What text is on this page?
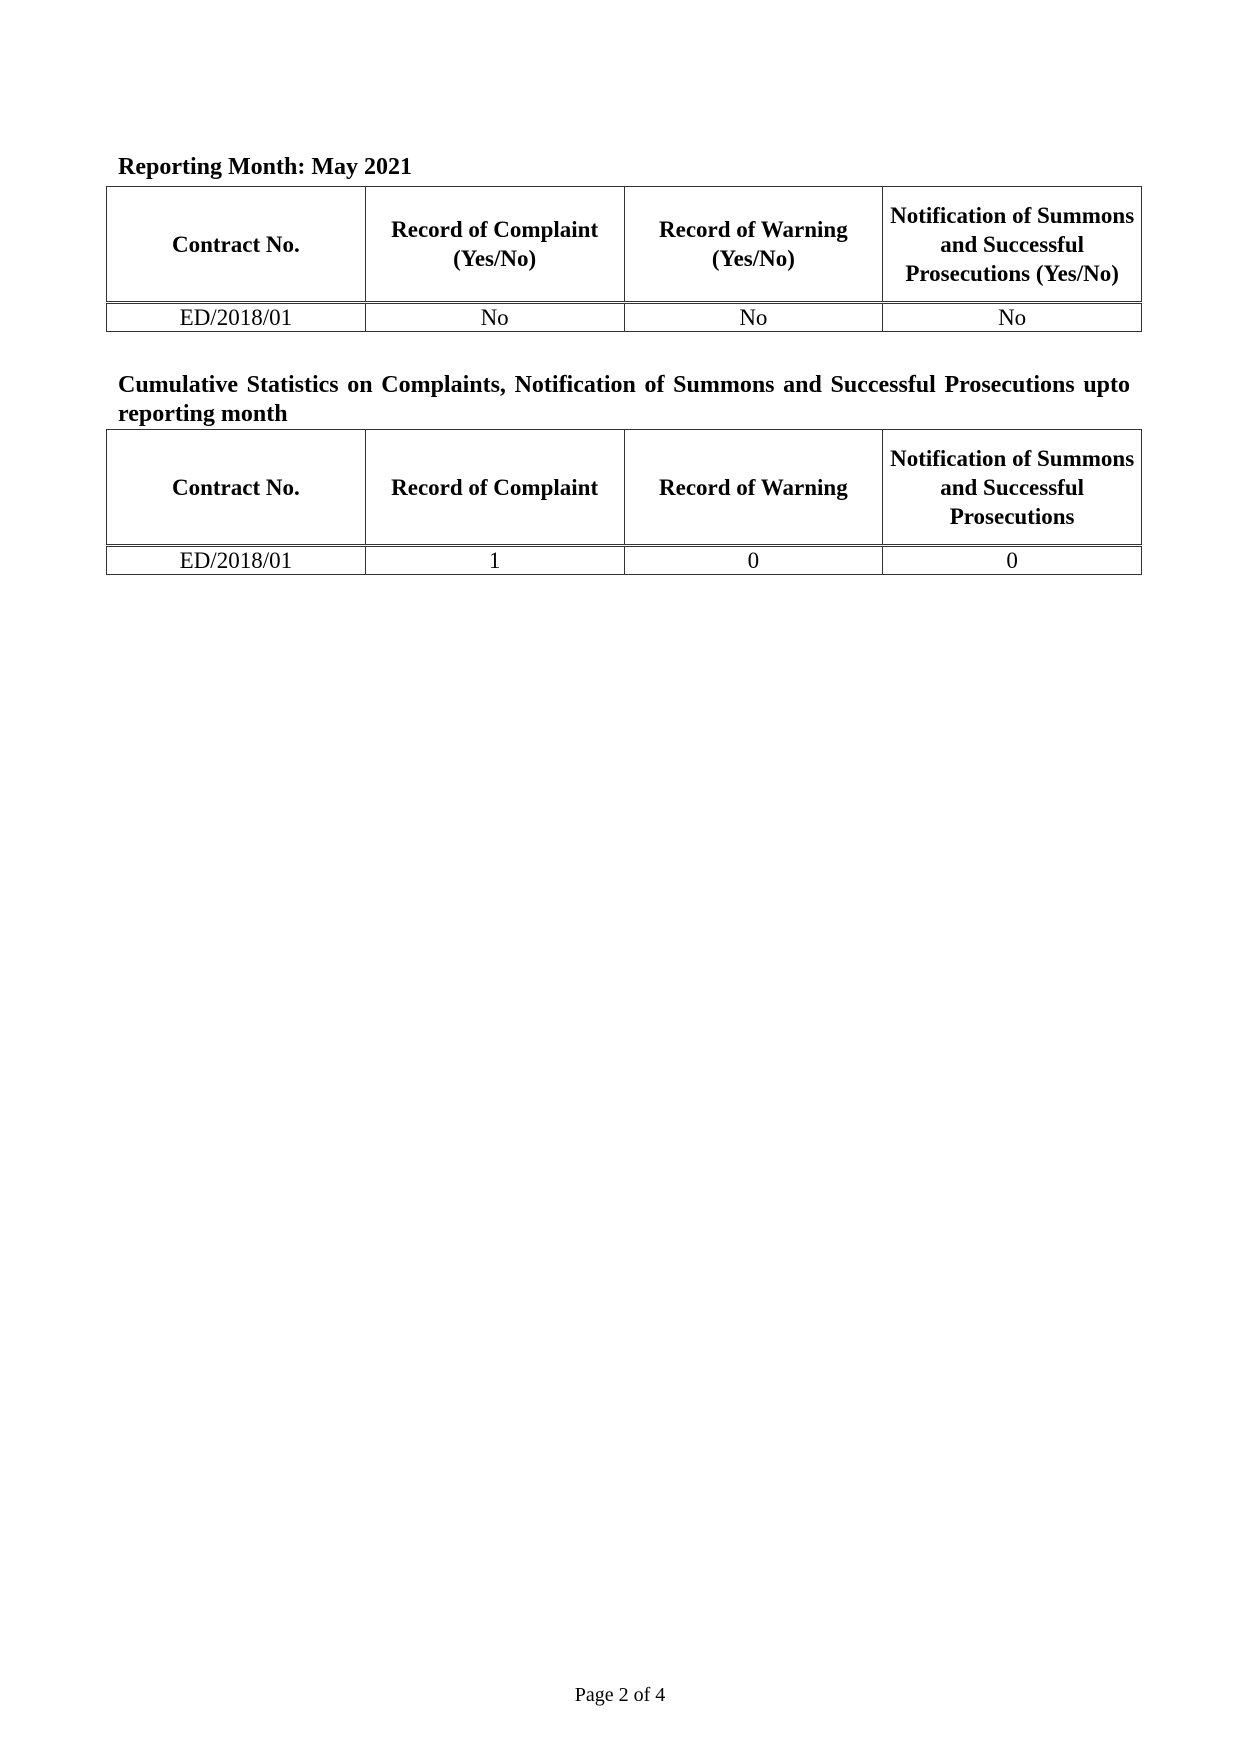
Reporting Month: May 2021

Contract No.	Record of Complaint (Yes/No)	Record of Warning (Yes/No)	Notification of Summons and Successful Prosecutions (Yes/No)
ED/2018/01	No	No	No

Cumulative Statistics on Complaints, Notification of Summons and Successful Prosecutions upto reporting month

Contract No.	Record of Complaint	Record of Warning	Notification of Summons and Successful Prosecutions
ED/2018/01	1	0	0
Page 2 of 4
